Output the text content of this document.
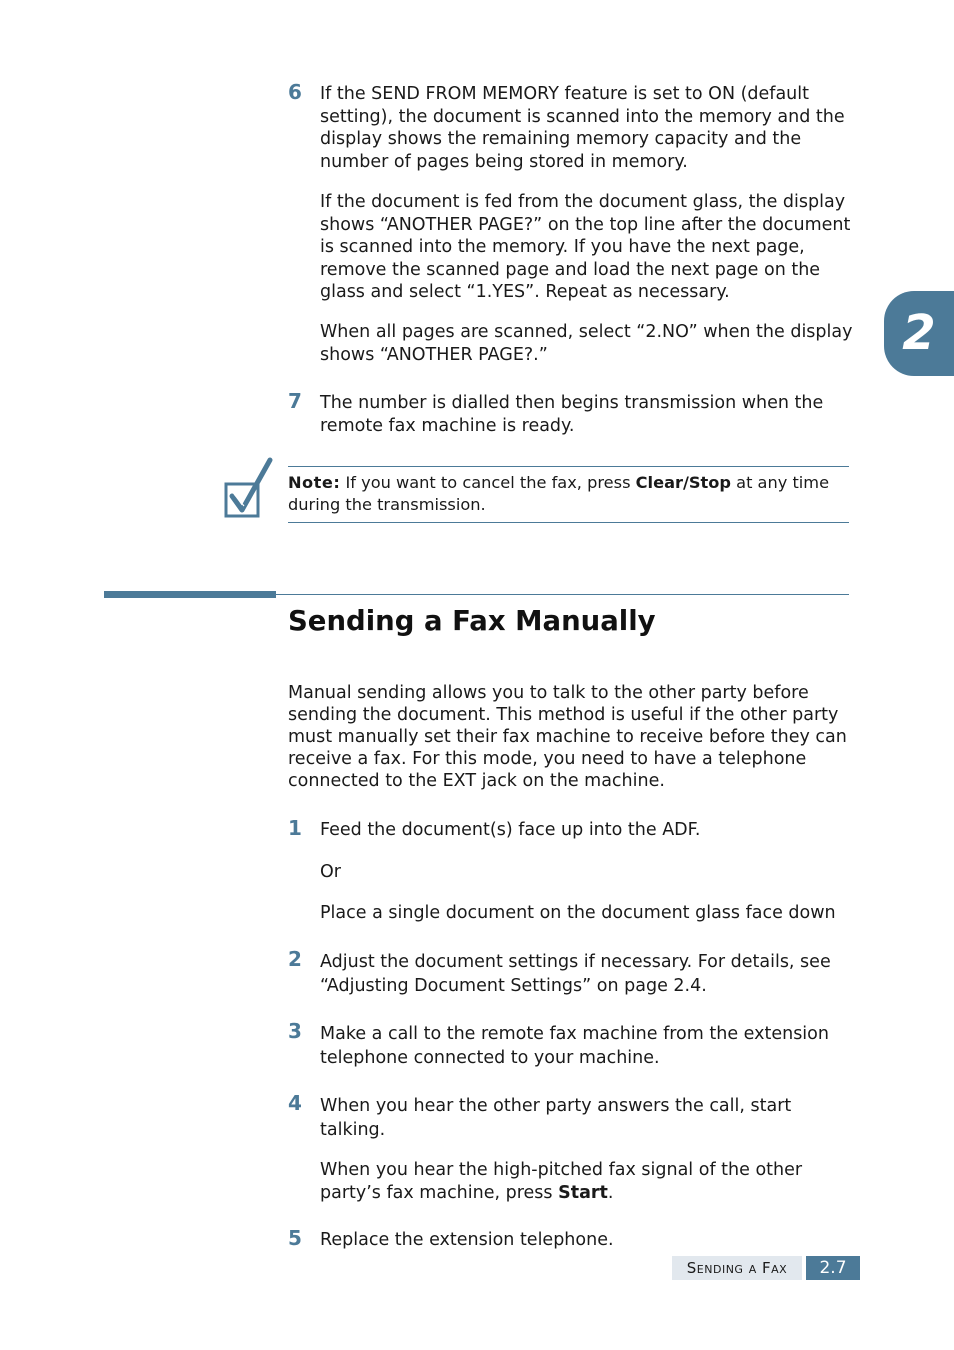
2
6 If the SEND FROM MEMORY feature is set to ON (default
setting), the document is scanned into the memory and the
display shows the remaining memory capacity and the
number of pages being stored in memory.
If the document is fed from the document glass, the display
shows “ANOTHER PAGE?” on the top line after the document
is scanned into the memory. If you have the next page,
remove the scanned page and load the next page on the
glass and select “1.YES”. Repeat as necessary.
When all pages are scanned, select “2.NO” when the display
shows “ANOTHER PAGE?.”
7 The number is dialled then begins transmission when the
remote fax machine is ready.
Note: If you want to cancel the fax, press Clear/Stop at any time during the transmission.
Sending a Fax Manually
Manual sending allows you to talk to the other party before
sending the document. This method is useful if the other party
must manually set their fax machine to receive before they can
receive a fax. For this mode, you need to have a telephone
connected to the EXT jack on the machine.
1 Feed the document(s) face up into the ADF.
Or
Place a single document on the document glass face down
2 Adjust the document settings if necessary. For details, see
“Adjusting Document Settings” on page 2.4.
3 Make a call to the remote fax machine from the extension
telephone connected to your machine.
4 When you hear the other party answers the call, start
talking.
When you hear the high-pitched fax signal of the other
party’s fax machine, press Start.
5 Replace the extension telephone.
Sending a Fax	2.7
